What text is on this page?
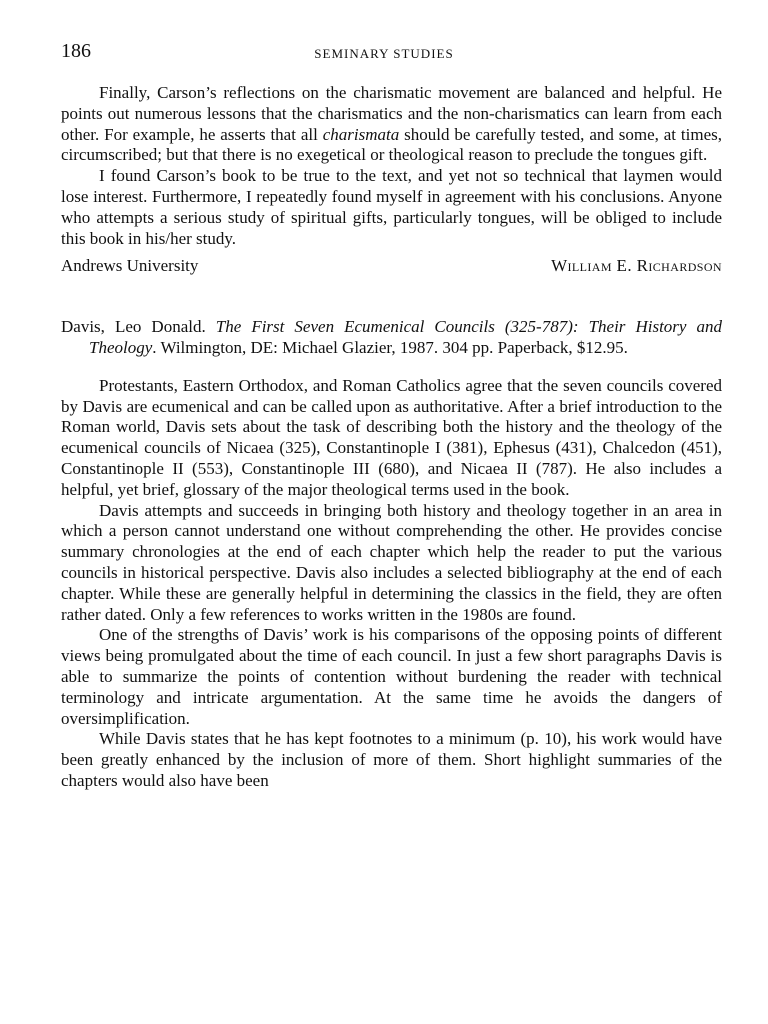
186	SEMINARY STUDIES

Finally, Carson’s reflections on the charismatic movement are balanced and helpful. He points out numerous lessons that the charismatics and the non-charismatics can learn from each other. For example, he asserts that all charismata should be carefully tested, and some, at times, circumscribed; but that there is no exegetical or theological reason to preclude the tongues gift.

I found Carson’s book to be true to the text, and yet not so technical that laymen would lose interest. Furthermore, I repeatedly found myself in agreement with his conclusions. Anyone who attempts a serious study of spiritual gifts, particularly tongues, will be obliged to include this book in his/her study.

Andrews University	William E. Richardson
Davis, Leo Donald. The First Seven Ecumenical Councils (325-787): Their History and Theology. Wilmington, DE: Michael Glazier, 1987. 304 pp. Paperback, $12.95.

Protestants, Eastern Orthodox, and Roman Catholics agree that the seven councils covered by Davis are ecumenical and can be called upon as authoritative. After a brief introduction to the Roman world, Davis sets about the task of describing both the history and the theology of the ecumenical councils of Nicaea (325), Constantinople I (381), Ephesus (431), Chalcedon (451), Constantinople II (553), Constantinople III (680), and Nicaea II (787). He also includes a helpful, yet brief, glossary of the major theological terms used in the book.

Davis attempts and succeeds in bringing both history and theology together in an area in which a person cannot understand one without comprehending the other. He provides concise summary chronologies at the end of each chapter which help the reader to put the various councils in historical perspective. Davis also includes a selected bibliography at the end of each chapter. While these are generally helpful in determining the classics in the field, they are often rather dated. Only a few references to works written in the 1980s are found.

One of the strengths of Davis’ work is his comparisons of the opposing points of different views being promulgated about the time of each council. In just a few short paragraphs Davis is able to summarize the points of contention without burdening the reader with technical terminology and intricate argumentation. At the same time he avoids the dangers of oversimplification.

While Davis states that he has kept footnotes to a minimum (p. 10), his work would have been greatly enhanced by the inclusion of more of them. Short highlight summaries of the chapters would also have been
